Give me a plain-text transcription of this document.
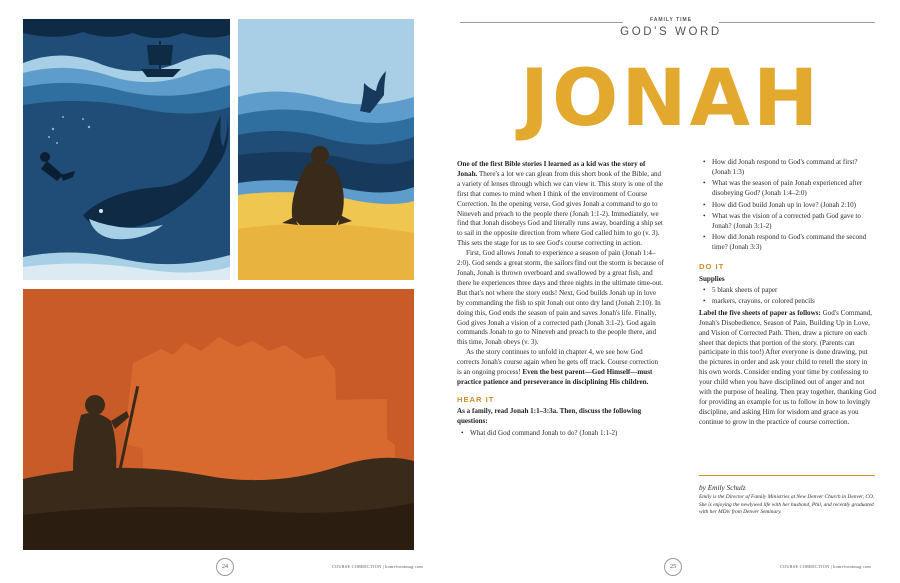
24	COURSE CORRECTION | homefrontmag.com
FAMILY TIME
GOD'S WORD
JONAH

One of the first Bible stories I learned as a kid was the story of Jonah. There's a lot we can glean from this short book of the Bible, and a variety of lenses through which we can view it. This story is one of the first that comes to mind when I think of the environment of Course Correction. In the opening verse, God gives Jonah a command to go to Nineveh and preach to the people there (Jonah 1:1-2). Immediately, we find that Jonah disobeys God and literally runs away, boarding a ship set to sail in the opposite direction from where God called him to go (v. 3). This sets the stage for us to see God's course correcting in action.

First, God allows Jonah to experience a season of pain (Jonah 1:4–2:0). God sends a great storm, the sailors find out the storm is because of Jonah, Jonah is thrown overboard and swallowed by a great fish, and there he experiences three days and three nights in the ultimate time-out. But that's not where the story ends! Next, God builds Jonah up in love by commanding the fish to spit Jonah out onto dry land (Jonah 2:10). In doing this, God ends the season of pain and saves Jonah's life. Finally, God gives Jonah a vision of a corrected path (Jonah 3:1-2). God again commands Jonah to go to Nineveh and preach to the people there, and this time, Jonah obeys (v. 3).

As the story continues to unfold in chapter 4, we see how God corrects Jonah's course again when he gets off track. Course correction is an ongoing process! Even the best parent—God Himself—must practice patience and perseverance in disciplining His children.

HEAR IT
As a family, read Jonah 1:1–3:3a. Then, discuss the following questions:
• What did God command Jonah to do? (Jonah 1:1-2)
• How did Jonah respond to God's command at first? (Jonah 1:3)
• What was the season of pain Jonah experienced after disobeying God? (Jonah 1:4–2:0)
• How did God build Jonah up in love? (Jonah 2:10)
• What was the vision of a corrected path God gave to Jonah? (Jonah 3:1-2)
• How did Jonah respond to God's command the second time? (Jonah 3:3)
DO IT
Supplies
• 5 blank sheets of paper
• markers, crayons, or colored pencils

Label the five sheets of paper as follows: God's Command, Jonah's Disobedience, Season of Pain, Building Up in Love, and Vision of Corrected Path. Then, draw a picture on each sheet that depicts that portion of the story. (Parents can participate in this too!) After everyone is done drawing, put the pictures in order and ask your child to retell the story in his own words. Consider ending your time by confessing to your child when you have disciplined out of anger and not with the purpose of healing. Then pray together, thanking God for providing an example for us to follow in how to lovingly discipline, and asking Him for wisdom and grace as you continue to grow in the practice of course correction.

by Emily Schulz
Emily is the Director of Family Ministries at New Denver Church in Denver, CO. She is enjoying the newlywed life with her husband, Phil, and recently graduated with her MDiv from Denver Seminary.
25	COURSE CORRECTION | homefrontmag.com
